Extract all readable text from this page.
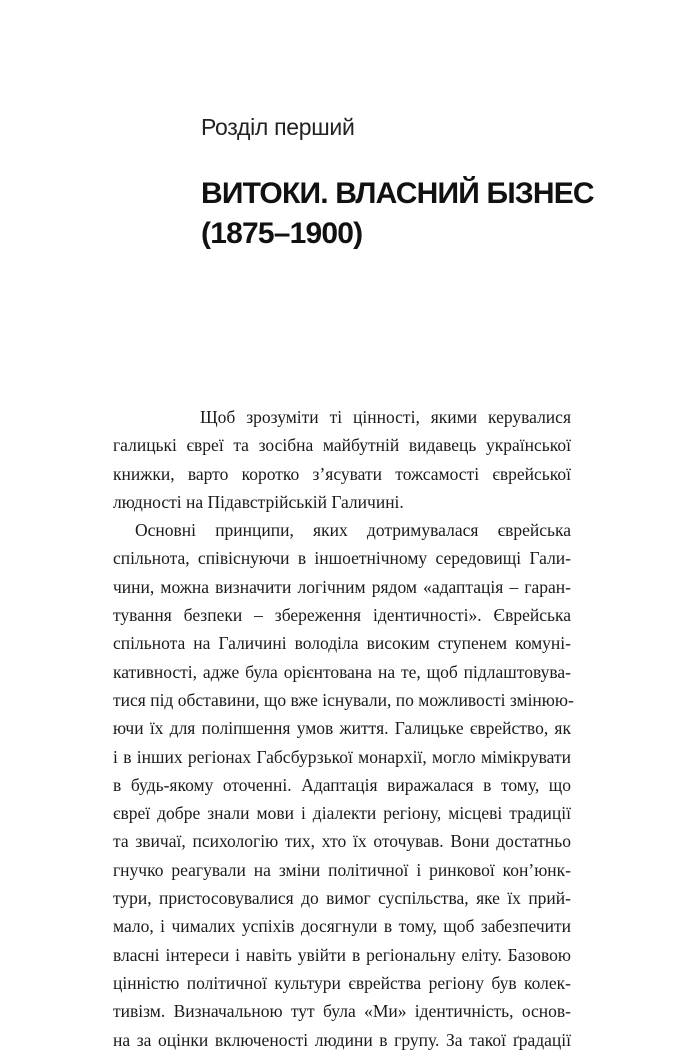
Розділ перший
ВИТОКИ. ВЛАСНИЙ БІЗНЕС
(1875–1900)
Щоб зрозуміти ті цінності, якими керувалися
галицькі євреї та зосібна майбутній видавець української
книжки, варто коротко з’ясувати тожсамості єврейської
людності на Підавстрійській Галичині.
Основні принципи, яких дотримувалася єврейська
спільнота, співіснуючи в іншоетнічному середовищі Гали-
чини, можна визначити логічним рядом «адаптація – гаран-
тування безпеки – збереження ідентичності». Єврейська
спільнота на Галичині володіла високим ступенем комуні-
кативності, адже була орієнтована на те, щоб підлаштовува-
тися під обставини, що вже існували, по можливості змінюю-
ючи їх для поліпшення умов життя. Галицьке єврейство, як
і в інших регіонах Габсбурзької монархії, могло мімікрувати
в будь-якому оточенні. Адаптація виражалася в тому, що
євреї добре знали мови і діалекти регіону, місцеві традиції
та звичаї, психологію тих, хто їх оточував. Вони достатньо
гнучко реагували на зміни політичної і ринкової кон’юнк-
тури, пристосовувалися до вимог суспільства, яке їх прий-
мало, і чималих успіхів досягнули в тому, щоб забезпечити
власні інтереси і навіть увійти в регіональну еліту. Базовою
цінністю політичної культури єврейства регіону був колек-
тивізм. Визначальною тут була «Ми» ідентичність, основ-
на за оцінки включеності людини в групу. За такої ґрадації
